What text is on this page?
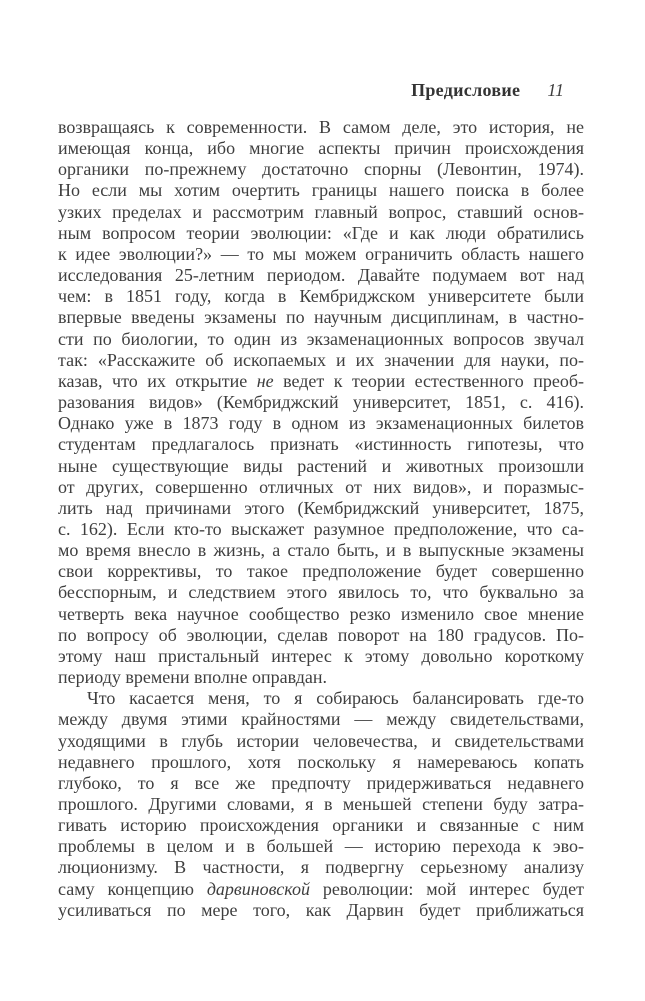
Предисловие 11
возвращаясь к современности. В самом деле, это история, не
имеющая конца, ибо многие аспекты причин происхождения
органики по-прежнему достаточно спорны (Левонтин, 1974).
Но если мы хотим очертить границы нашего поиска в более
узких пределах и рассмотрим главный вопрос, ставший основ-
ным вопросом теории эволюции: «Где и как люди обратились
к идее эволюции?» — то мы можем ограничить область нашего
исследования 25-летним периодом. Давайте подумаем вот над
чем: в 1851 году, когда в Кембриджском университете были
впервые введены экзамены по научным дисциплинам, в частно-
сти по биологии, то один из экзаменационных вопросов звучал
так: «Расскажите об ископаемых и их значении для науки, по-
казав, что их открытие не ведет к теории естественного преоб-
разования видов» (Кембриджский университет, 1851, с. 416).
Однако уже в 1873 году в одном из экзаменационных билетов
студентам предлагалось признать «истинность гипотезы, что
ныне существующие виды растений и животных произошли
от других, совершенно отличных от них видов», и поразмыс-
лить над причинами этого (Кембриджский университет, 1875,
с. 162). Если кто-то выскажет разумное предположение, что са-
мо время внесло в жизнь, а стало быть, и в выпускные экзамены
свои коррективы, то такое предположение будет совершенно
бесспорным, и следствием этого явилось то, что буквально за
четверть века научное сообщество резко изменило свое мнение
по вопросу об эволюции, сделав поворот на 180 градусов. По-
этому наш пристальный интерес к этому довольно короткому
периоду времени вполне оправдан.
Что касается меня, то я собираюсь балансировать где-то
между двумя этими крайностями — между свидетельствами,
уходящими в глубь истории человечества, и свидетельствами
недавнего прошлого, хотя поскольку я намереваюсь копать
глубоко, то я все же предпочту придерживаться недавнего
прошлого. Другими словами, я в меньшей степени буду затра-
гивать историю происхождения органики и связанные с ним
проблемы в целом и в большей — историю перехода к эво-
люционизму. В частности, я подвергну серьезному анализу
саму концепцию дарвиновской революции: мой интерес будет
усиливаться по мере того, как Дарвин будет приближаться
